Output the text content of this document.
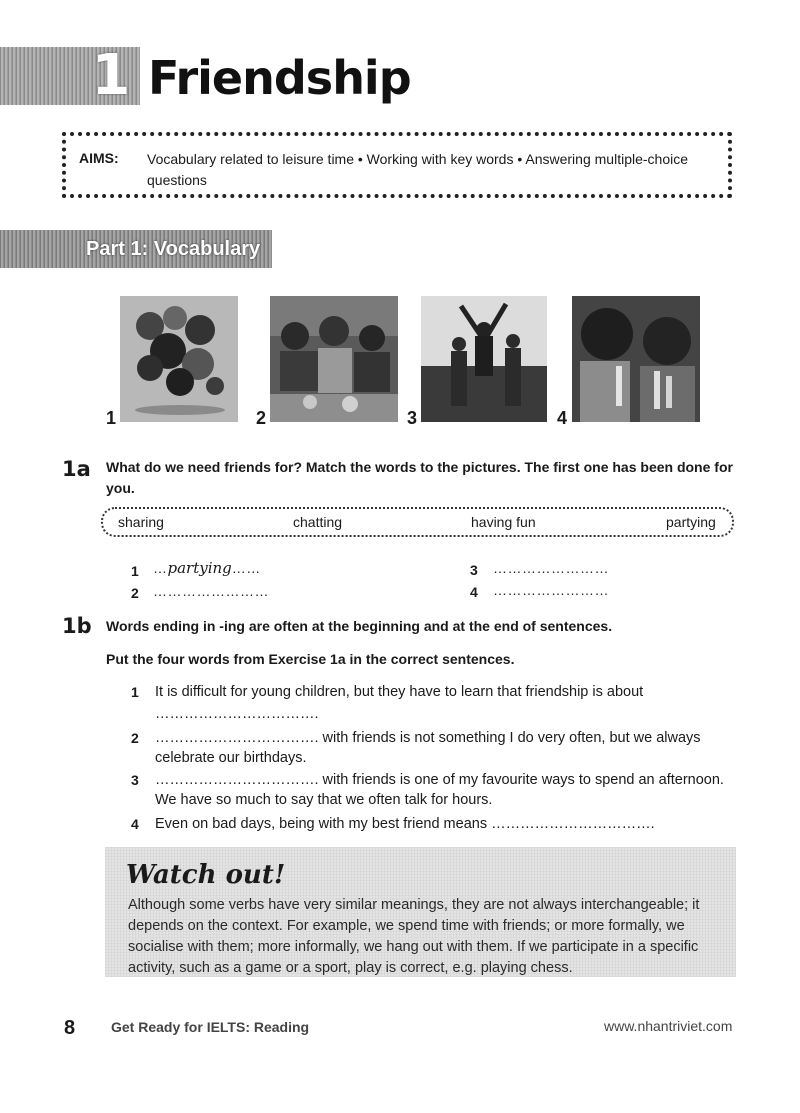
1 Friendship
AIMS: Vocabulary related to leisure time • Working with key words • Answering multiple-choice questions
Part 1: Vocabulary
1	2	3	4
1a What do we need friends for? Match the words to the pictures. The first one has been done for you.
sharing	chatting	having fun	partying
1 …partying……
2 ……………………
3 ……………………
4 ……………………
1b Words ending in -ing are often at the beginning and at the end of sentences.
Put the four words from Exercise 1a in the correct sentences.
1 It is difficult for young children, but they have to learn that friendship is about
…………………………….
2 ……………………………. with friends is not something I do very often, but we always
celebrate our birthdays.
3 ……………………………. with friends is one of my favourite ways to spend an afternoon.
We have so much to say that we often talk for hours.
4 Even on bad days, being with my best friend means …………………………….
Watch out!
Although some verbs have very similar meanings, they are not always interchangeable; it depends on the context. For example, we spend time with friends; or more formally, we socialise with them; more informally, we hang out with them. If we participate in a specific activity, such as a game or a sport, play is correct, e.g. playing chess.
8	Get Ready for IELTS: Reading	www.nhantriviet.com
